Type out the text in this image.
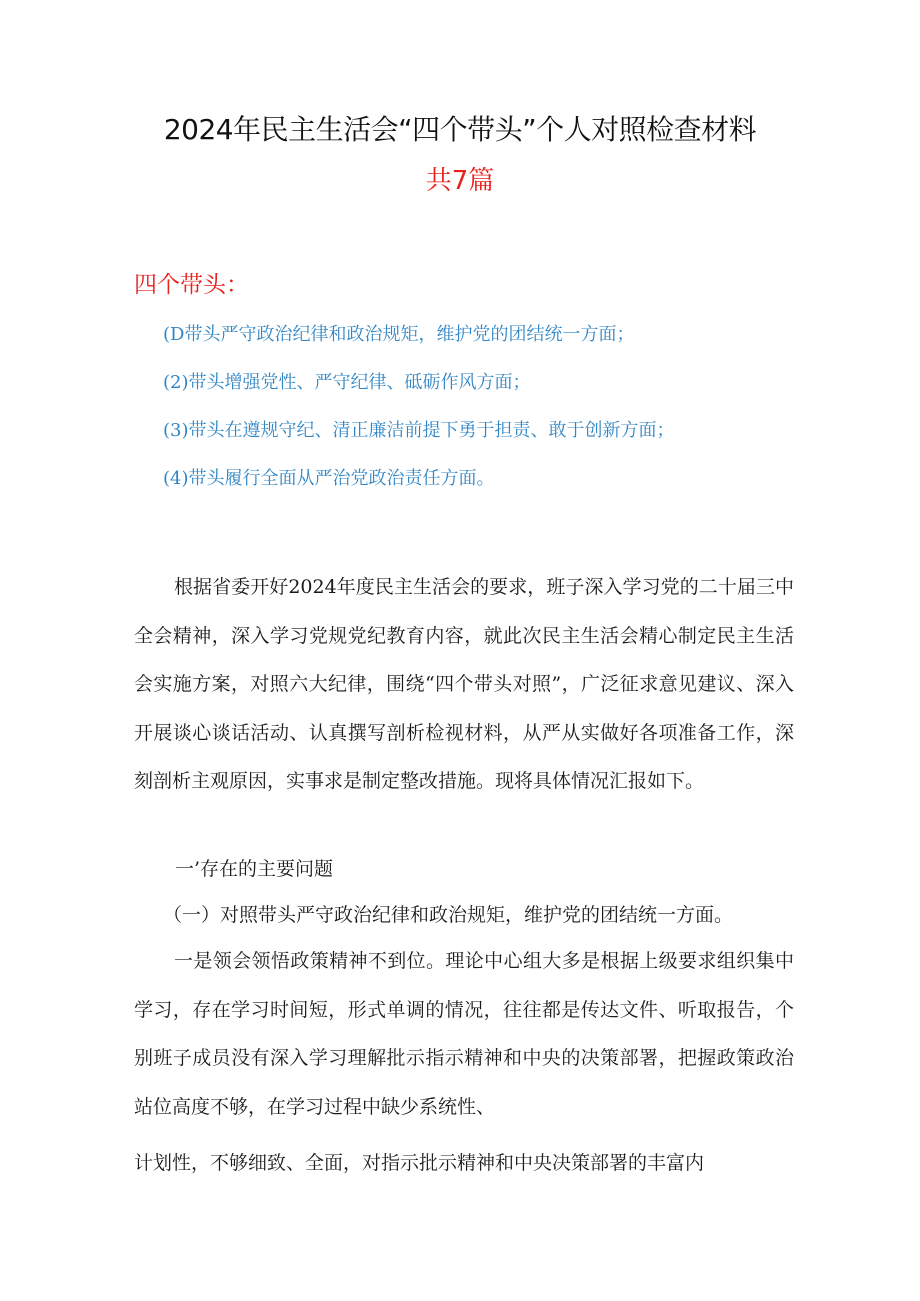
2024年民主生活会“四个带头”个人对照检查材料
共7篇
四个带头：
(D带头严守政治纪律和政治规矩，维护党的团结统一方面；
(2)带头增强党性、严守纪律、砥砺作风方面；
(3)带头在遵规守纪、清正廉洁前提下勇于担责、敢于创新方面；
(4)带头履行全面从严治党政治责任方面。
根据省委开好2024年度民主生活会的要求，班子深入学习党的二十届三中全会精神，深入学习党规党纪教育内容，就此次民主生活会精心制定民主生活会实施方案，对照六大纪律，围绕“四个带头对照”，广泛征求意见建议、深入开展谈心谈话活动、认真撰写剖析检视材料，从严从实做好各项准备工作，深刻剖析主观原因，实事求是制定整改措施。现将具体情况汇报如下。
一’存在的主要问题
（一）对照带头严守政治纪律和政治规矩，维护党的团结统一方面。
一是领会领悟政策精神不到位。理论中心组大多是根据上级要求组织集中学习，存在学习时间短，形式单调的情况，往往都是传达文件、听取报告，个别班子成员没有深入学习理解批示指示精神和中央的决策部署，把握政策政治站位高度不够，在学习过程中缺少系统性、
计划性，不够细致、全面，对指示批示精神和中央决策部署的丰富内
